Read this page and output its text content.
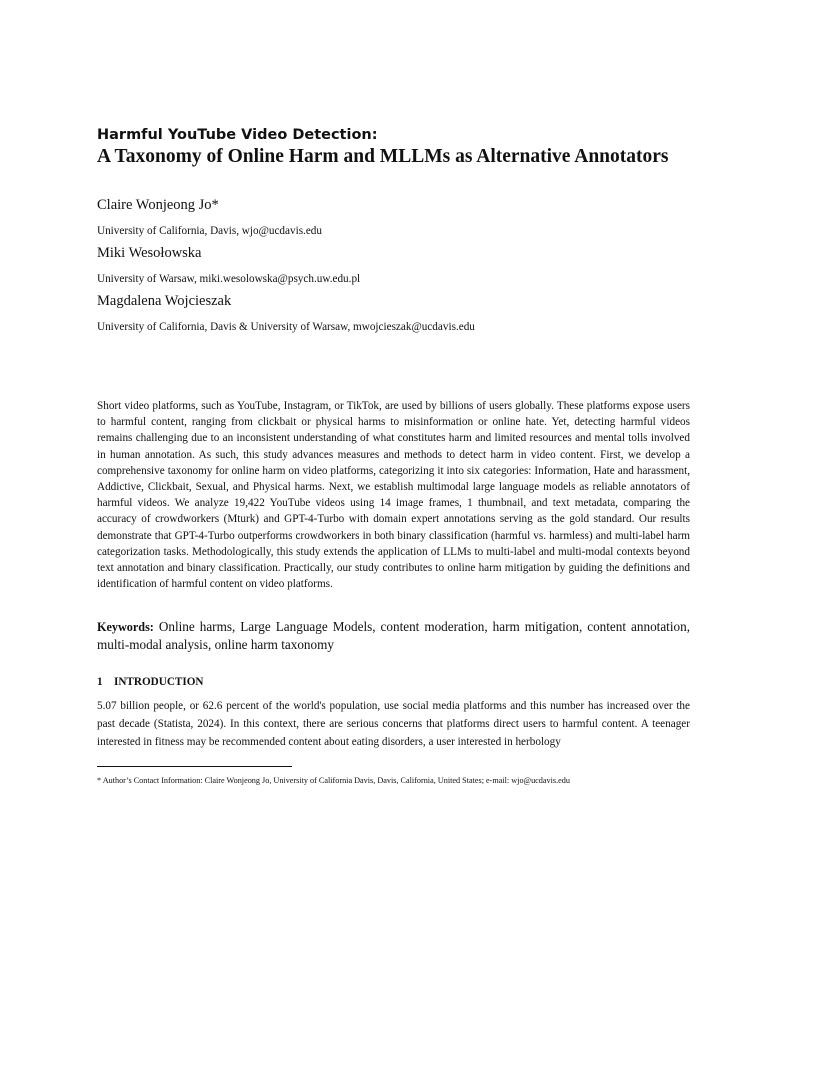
Harmful YouTube Video Detection:
A Taxonomy of Online Harm and MLLMs as Alternative Annotators
Claire Wonjeong Jo*
University of California, Davis, wjo@ucdavis.edu
Miki Wesołowska
University of Warsaw, miki.wesolowska@psych.uw.edu.pl
Magdalena Wojcieszak
University of California, Davis & University of Warsaw, mwojcieszak@ucdavis.edu
Short video platforms, such as YouTube, Instagram, or TikTok, are used by billions of users globally. These platforms expose users to harmful content, ranging from clickbait or physical harms to misinformation or online hate. Yet, detecting harmful videos remains challenging due to an inconsistent understanding of what constitutes harm and limited resources and mental tolls involved in human annotation. As such, this study advances measures and methods to detect harm in video content. First, we develop a comprehensive taxonomy for online harm on video platforms, categorizing it into six categories: Information, Hate and harassment, Addictive, Clickbait, Sexual, and Physical harms. Next, we establish multimodal large language models as reliable annotators of harmful videos. We analyze 19,422 YouTube videos using 14 image frames, 1 thumbnail, and text metadata, comparing the accuracy of crowdworkers (Mturk) and GPT-4-Turbo with domain expert annotations serving as the gold standard. Our results demonstrate that GPT-4-Turbo outperforms crowdworkers in both binary classification (harmful vs. harmless) and multi-label harm categorization tasks. Methodologically, this study extends the application of LLMs to multi-label and multi-modal contexts beyond text annotation and binary classification. Practically, our study contributes to online harm mitigation by guiding the definitions and identification of harmful content on video platforms.
Keywords: Online harms, Large Language Models, content moderation, harm mitigation, content annotation, multi-modal analysis, online harm taxonomy
1 INTRODUCTION
5.07 billion people, or 62.6 percent of the world's population, use social media platforms and this number has increased over the past decade (Statista, 2024). In this context, there are serious concerns that platforms direct users to harmful content. A teenager interested in fitness may be recommended content about eating disorders, a user interested in herbology
* Author’s Contact Information: Claire Wonjeong Jo, University of California Davis, Davis, California, United States; e-mail: wjo@ucdavis.edu
